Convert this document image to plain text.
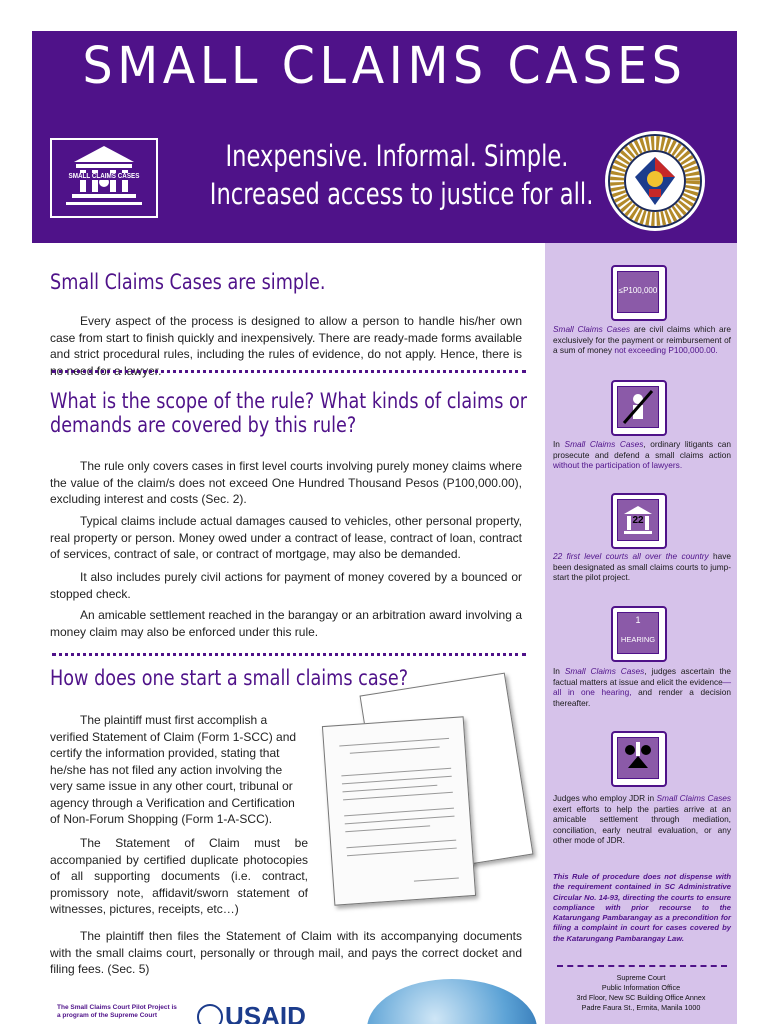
SMALL CLAIMS CASES
SMALL CLAIMS CASES
Inexpensive. Informal. Simple.
Increased access to justice for all.
Small Claims Cases are simple.

Every aspect of the process is designed to allow a person to handle his/her own case from start to finish quickly and inexpensively. There are ready-made forms available and strict procedural rules, including the rules of evidence, do not apply. Hence, there is no need for a lawyer.

What is the scope of the rule? What kinds of claims or
demands are covered by this rule?

The rule only covers cases in first level courts involving purely money claims where the value of the claim/s does not exceed One Hundred Thousand Pesos (P100,000.00), excluding interest and costs (Sec. 2).

Typical claims include actual damages caused to vehicles, other personal property, real property or person. Money owed under a contract of lease, contract of loan, contract of services, contract of sale, or contract of mortgage, may also be demanded.

It also includes purely civil actions for payment of money covered by a bounced or stopped check.

An amicable settlement reached in the barangay or an arbitration award involving a money claim may also be enforced under this rule.

How does one start a small claims case?

The plaintiff must first accomplish a verified Statement of Claim (Form 1-SCC) and certify the information provided, stating that he/she has not filed any action involving the very same issue in any other court, tribunal or agency through a Verification and Certification of Non-Forum Shopping (Form 1-A-SCC).

The Statement of Claim must be accompanied by certified duplicate photocopies of all supporting documents (i.e. contract, promissory note, affidavit/sworn statement of witnesses, pictures, receipts, etc…)

The plaintiff then files the Statement of Claim with its accompanying documents with the small claims court, personally or through mail, and pays the correct docket and filing fees. (Sec. 5)

The Small Claims Court Pilot Project is a program of the Supreme Court	USAID
≤P100,000
Small Claims Cases are civil claims which are exclusively for the payment or reimbursement of a sum of money not exceeding P100,000.00.
In Small Claims Cases, ordinary litigants can prosecute and defend a small claims action without the participation of lawyers.
22
22 first level courts all over the country have been designated as small claims courts to jump-start the pilot project.
1
HEARING
In Small Claims Cases, judges ascertain the factual matters at issue and elicit the evidence—all in one hearing, and render a decision thereafter.
Judges who employ JDR in Small Claims Cases exert efforts to help the parties arrive at an amicable settlement through mediation, conciliation, early neutral evaluation, or any other mode of JDR.
This Rule of procedure does not dispense with the requirement contained in SC Administrative Circular No. 14-93, directing the courts to ensure compliance with prior recourse to the Katarungang Pambarangay as a precondition for filing a complaint in court for cases covered by the Katarungang Pambarangay Law.
Supreme Court
Public Information Office
3rd Floor, New SC Building Office Annex
Padre Faura St., Ermita, Manila 1000
